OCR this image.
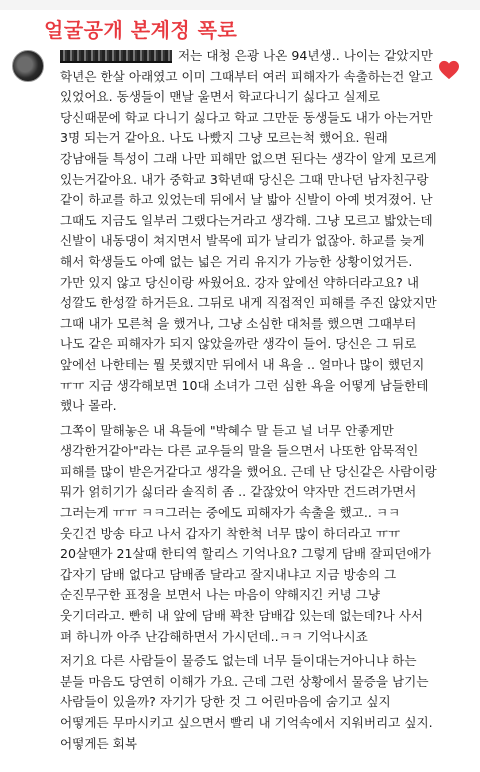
얼굴공개 본계정 폭로

저는 대청 은광 나온 94년생.. 나이는 같았지만 학년은 한살 아래였고 이미 그때부터 여러 피해자가 속출하는건 알고 있었어요. 동생들이 맨날 울면서 학교다니기 싫다고 실제로 당신때문에 학교 다니기 싫다고 학교 그만둔 동생들도 내가 아는거만 3명 되는거 같아요. 나도 나빴지 그냥 모르는척 했어요. 원래 강남애들 특성이 그래 나만 피해만 없으면 된다는 생각이 알게 모르게 있는거같아요. 내가 중학교 3학년때 당신은 그때 만나던 남자친구랑 같이 하교를 하고 있었는데 뒤에서 날 밟아 신발이 아예 벗겨졌어. 난 그때도 지금도 일부러 그랬다는거라고 생각해. 그냥 모르고 밟았는데 신발이 내동댕이 쳐지면서 발목에 피가 날리가 없잖아. 하교를 늦게 해서 학생들도 아예 없는 넓은 거리 유지가 가능한 상황이었거든. 가만 있지 않고 당신이랑 싸웠어요. 강자 앞에선 약하더라고요? 내 성깔도 한성깔 하거든요. 그뒤로 내게 직접적인 피해를 주진 않았지만 그때 내가 모른척 을 했거나, 그냥 소심한 대처를 했으면 그때부터 나도 같은 피해자가 되지 않았을까란 생각이 들어. 당신은 그 뒤로 앞에선 나한테는 뭘 못했지만 뒤에서 내 욕을 .. 얼마나 많이 했던지 ㅠㅠ 지금 생각해보면 10대 소녀가 그런 심한 욕을 어떻게 남들한테 했나 몰라.

그쪽이 말해놓은 내 욕들에 "박혜수 말 듣고 널 너무 안좋게만 생각한거같아"라는 다른 교우들의 말을 들으면서 나또한 암묵적인 피해를 많이 받은거같다고 생각을 했어요. 근데 난 당신같은 사람이랑 뭐가 얽히기가 싫더라 솔직히 좀 .. 같잖았어 약자만 건드려가면서 그러는게 ㅠㅠ ㅋㅋ그러는 중에도 피해자가 속출을 했고.. ㅋㅋ 웃긴건 방송 타고 나서 갑자기 착한척 너무 많이 하더라고 ㅠㅠ 20살땐가 21살때 한티역 할리스 기억나요? 그렇게 담배 잘피던애가 갑자기 담배 없다고 담배좀 달라고 잘지내냐고 지금 방송의 그 순진무구한 표정을 보면서 나는 마음이 약해지긴 커녕 그냥 웃기더라고. 빤히 내 앞에 담배 꽉찬 담배갑 있는데 없는데?나 사서 펴 하니까 아주 난감해하면서 가시던데..ㅋㅋ 기억나시죠

저기요 다른 사람들이 물증도 없는데 너무 들이대는거아니냐 하는 분들 마음도 당연히 이해가 가요. 근데 그런 상황에서 물증을 남기는 사람들이 있을까? 자기가 당한 것 그 어린마음에 숨기고 싶지 어떻게든 무마시키고 싶으면서 빨리 내 기억속에서 지워버리고 싶지. 어떻게든 회복
